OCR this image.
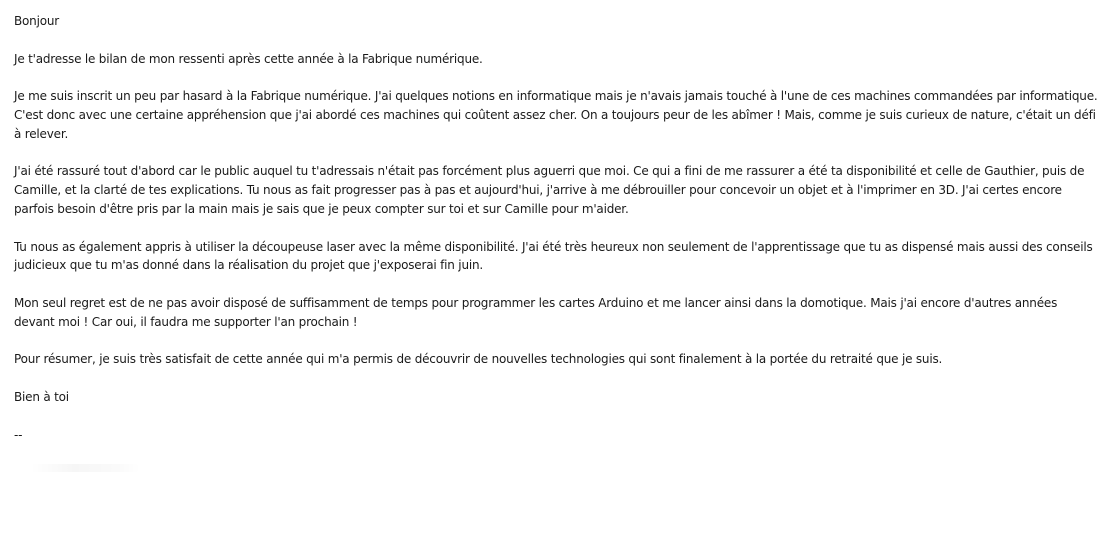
Bonjour

Je t'adresse le bilan de mon ressenti après cette année à la Fabrique numérique.

Je me suis inscrit un peu par hasard à la Fabrique numérique. J'ai quelques notions en informatique mais je n'avais jamais touché à l'une de ces machines commandées par informatique. C'est donc avec une certaine appréhension que j'ai abordé ces machines qui coûtent assez cher. On a toujours peur de les abîmer ! Mais, comme je suis curieux de nature, c'était un défi à relever.

J'ai été rassuré tout d'abord car le public auquel tu t'adressais n'était pas forcément plus aguerri que moi. Ce qui a fini de me rassurer a été ta disponibilité et celle de Gauthier, puis de Camille, et la clarté de tes explications. Tu nous as fait progresser pas à pas et aujourd'hui, j'arrive à me débrouiller pour concevoir un objet et à l'imprimer en 3D. J'ai certes encore parfois besoin d'être pris par la main mais je sais que je peux compter sur toi et sur Camille pour m'aider.

Tu nous as également appris à utiliser la découpeuse laser avec la même disponibilité. J'ai été très heureux non seulement de l'apprentissage que tu as dispensé mais aussi des conseils judicieux que tu m'as donné dans la réalisation du projet que j'exposerai fin juin.

Mon seul regret est de ne pas avoir disposé de suffisamment de temps pour programmer les cartes Arduino et me lancer ainsi dans la domotique. Mais j'ai encore d'autres années devant moi ! Car oui, il faudra me supporter l'an prochain !

Pour résumer, je suis très satisfait de cette année qui m'a permis de découvrir de nouvelles technologies qui sont finalement à la portée du retraité que je suis.

Bien à toi

--
